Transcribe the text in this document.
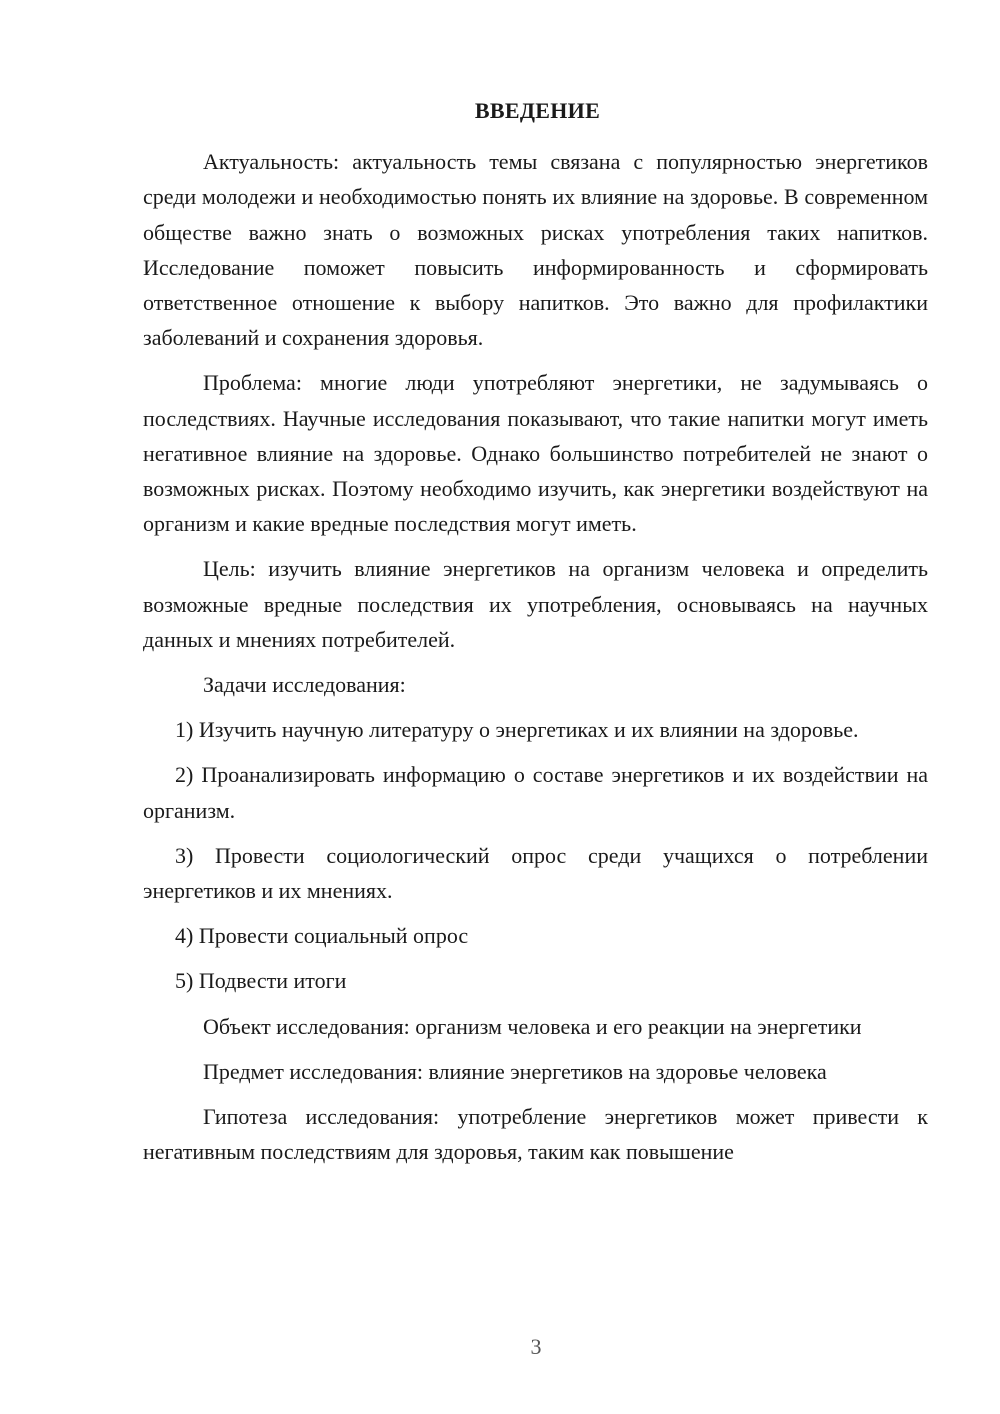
ВВЕДЕНИЕ

Актуальность: актуальность темы связана с популярностью энергетиков среди молодежи и необходимостью понять их влияние на здоровье. В современном обществе важно знать о возможных рисках употребления таких напитков. Исследование поможет повысить информированность и сформировать ответственное отношение к выбору напитков. Это важно для профилактики заболеваний и сохранения здоровья.

Проблема: многие люди употребляют энергетики, не задумываясь о последствиях. Научные исследования показывают, что такие напитки могут иметь негативное влияние на здоровье. Однако большинство потребителей не знают о возможных рисках. Поэтому необходимо изучить, как энергетики воздействуют на организм и какие вредные последствия могут иметь.

Цель: изучить влияние энергетиков на организм человека и определить возможные вредные последствия их употребления, основываясь на научных данных и мнениях потребителей.

Задачи исследования:

1) Изучить научную литературу о энергетиках и их влиянии на здоровье.

2) Проанализировать информацию о составе энергетиков и их воздействии на организм.

3) Провести социологический опрос среди учащихся о потреблении энергетиков и их мнениях.

4) Провести социальный опрос

5) Подвести итоги

Объект исследования: организм человека и его реакции на энергетики

Предмет исследования: влияние энергетиков на здоровье человека

Гипотеза исследования: употребление энергетиков может привести к негативным последствиям для здоровья, таким как повышение

3
